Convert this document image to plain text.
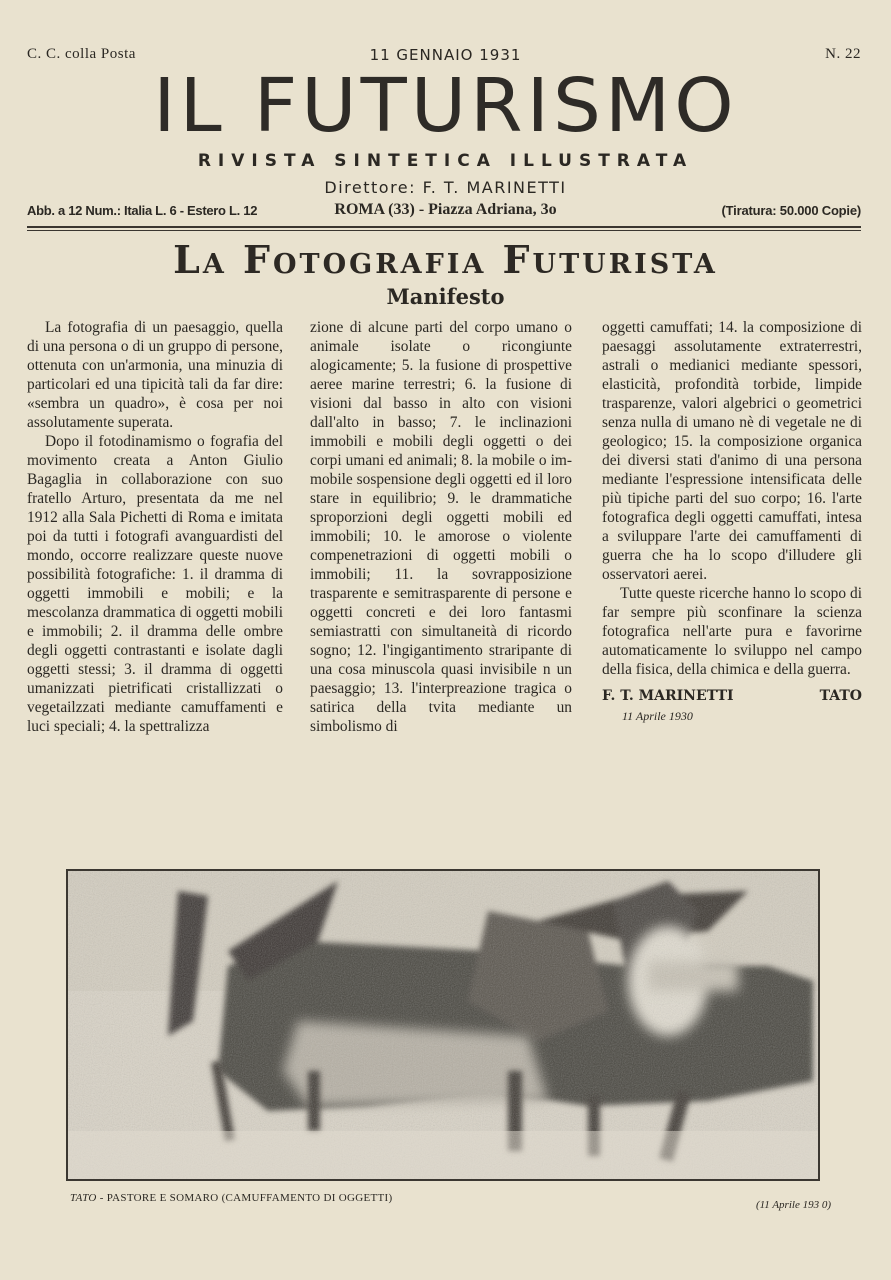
C. C. colla Posta	11 GENNAIO 1931	N. 22
IL FUTURISMO
RIVISTA SINTETICA ILLUSTRATA
Direttore: F. T. MARINETTI
Abb. a 12 Num.: Italia L. 6 - Estero L. 12	ROMA (33) - Piazza Adriana, 3o	(Tiratura: 50.000 Copie)
La Fotografia Futurista
Manifesto

La fotografia di un paesaggio, quella di una persona o di un gruppo di persone, ottenuta con un'armonia, una minuzia di particolari ed una tipicità tali da far dire: «sembra un quadro», è cosa per noi assolutamente superata.

Dopo il fotodinamismo o fografia del movimento creata a Anton Giulio Bagaglia in collaborazione con suo fratello Arturo, presentata da me nel 1912 alla Sala Pichetti di Roma e imitata poi da tutti i fotografi avanguardisti del mondo, occorre realizzare queste nuove possibilità fotografiche: 1. il dramma di oggetti immobili e mobili; e la mescolanza drammatica di oggetti mobili e immobili; 2. il dramma delle ombre degli oggetti contrastanti e isolate dagli oggetti stessi; 3. il dramma di oggetti umanizzati pietrificati cristallizzati o vegetailzzati mediante camuffamenti e luci speciali; 4. la spettralizza

zione di alcune parti del corpo umano o animale isolate o ricongiunte alogicamente; 5. la fusione di prospettive aeree marine terrestri; 6. la fusione di visioni dal basso in alto con visioni dall'alto in basso; 7. le inclinazioni immobili e mobili degli oggetti o dei corpi umani ed animali; 8. la mobile o immobile sospensione degli oggetti ed il loro stare in equilibrio; 9. le drammatiche sproporzioni degli oggetti mobili ed immobili; 10. le amorose o violente compenetrazioni di oggetti mobili o immobili; 11. la sovrapposizione trasparente e semitrasparente di persone e oggetti concreti e dei loro fantasmi semiastratti con simultaneità di ricordo sogno; 12. l'ingigantimento straripante di una cosa minuscola quasi invisibile n un paesaggio; 13. l'interpreazione tragica o satirica della tvita mediante un simbolismo di

oggetti camuffati; 14. la composizione di paesaggi assolutamente extraterrestri, astrali o medianici mediante spessori, elasticità, profondità torbide, limpide trasparenze, valori algebrici o geometrici senza nulla di umano nè di vegetale ne di geologico; 15. la composizione organica dei diversi stati d'animo di una persona mediante l'espressione intensificata delle più tipiche parti del suo corpo; 16. l'arte fotografica degli oggetti camuffati, intesa a sviluppare l'arte dei camuffamenti di guerra che ha lo scopo d'illudere gli osservatori aerei.

Tutte queste ricerche hanno lo scopo di far sempre più sconfinare la scienza fotografica nell'arte pura e favorirne automaticamente lo sviluppo nel campo della fisica, della chimica e della guerra.

F. T. MARINETTI	TATO
11 Aprile 1930
TATO - PASTORE E SOMARO (CAMUFFAMENTO DI OGGETTI)
(11 Aprile 193 0)
